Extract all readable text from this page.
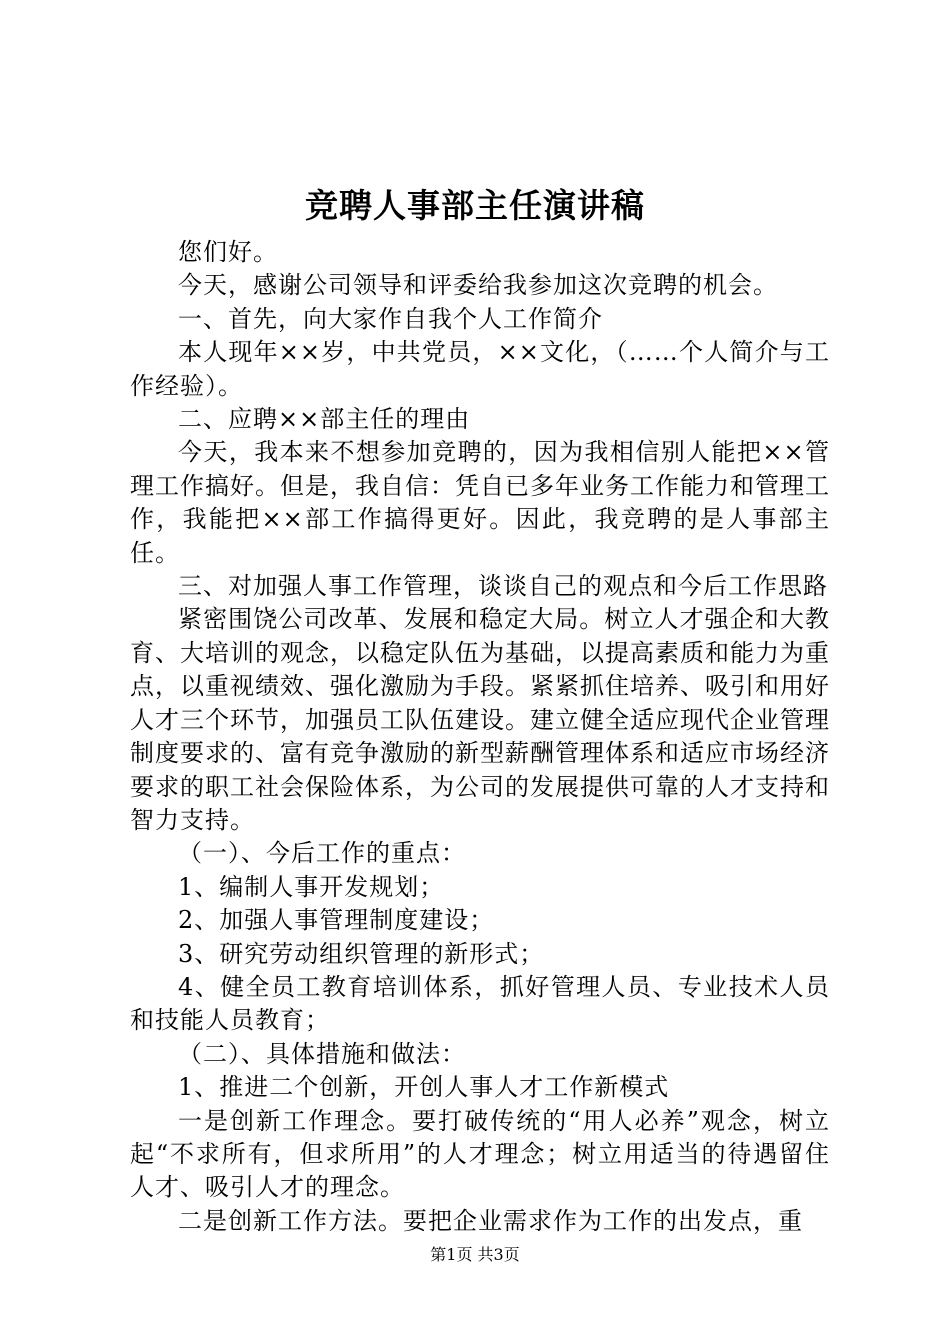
竞聘人事部主任演讲稿

您们好。

今天，感谢公司领导和评委给我参加这次竞聘的机会。

一、首先，向大家作自我个人工作简介

本人现年××岁，中共党员，××文化，（……个人简介与工作经验）。

二、应聘××部主任的理由

今天，我本来不想参加竞聘的，因为我相信别人能把××管理工作搞好。但是，我自信：凭自已多年业务工作能力和管理工作，我能把××部工作搞得更好。因此，我竞聘的是人事部主任。

三、对加强人事工作管理，谈谈自己的观点和今后工作思路

紧密围饶公司改革、发展和稳定大局。树立人才强企和大教育、大培训的观念，以稳定队伍为基础，以提高素质和能力为重点，以重视绩效、强化激励为手段。紧紧抓住培养、吸引和用好人才三个环节，加强员工队伍建设。建立健全适应现代企业管理制度要求的、富有竞争激励的新型薪酬管理体系和适应市场经济要求的职工社会保险体系，为公司的发展提供可靠的人才支持和智力支持。

（一）、今后工作的重点：

1、编制人事开发规划；

2、加强人事管理制度建设；

3、研究劳动组织管理的新形式；

4、健全员工教育培训体系，抓好管理人员、专业技术人员和技能人员教育；

（二）、具体措施和做法：

1、推进二个创新，开创人事人才工作新模式

一是创新工作理念。要打破传统的“用人必养”观念，树立起“不求所有，但求所用”的人才理念；树立用适当的待遇留住人才、吸引人才的理念。

二是创新工作方法。要把企业需求作为工作的出发点，重

第1页 共3页
